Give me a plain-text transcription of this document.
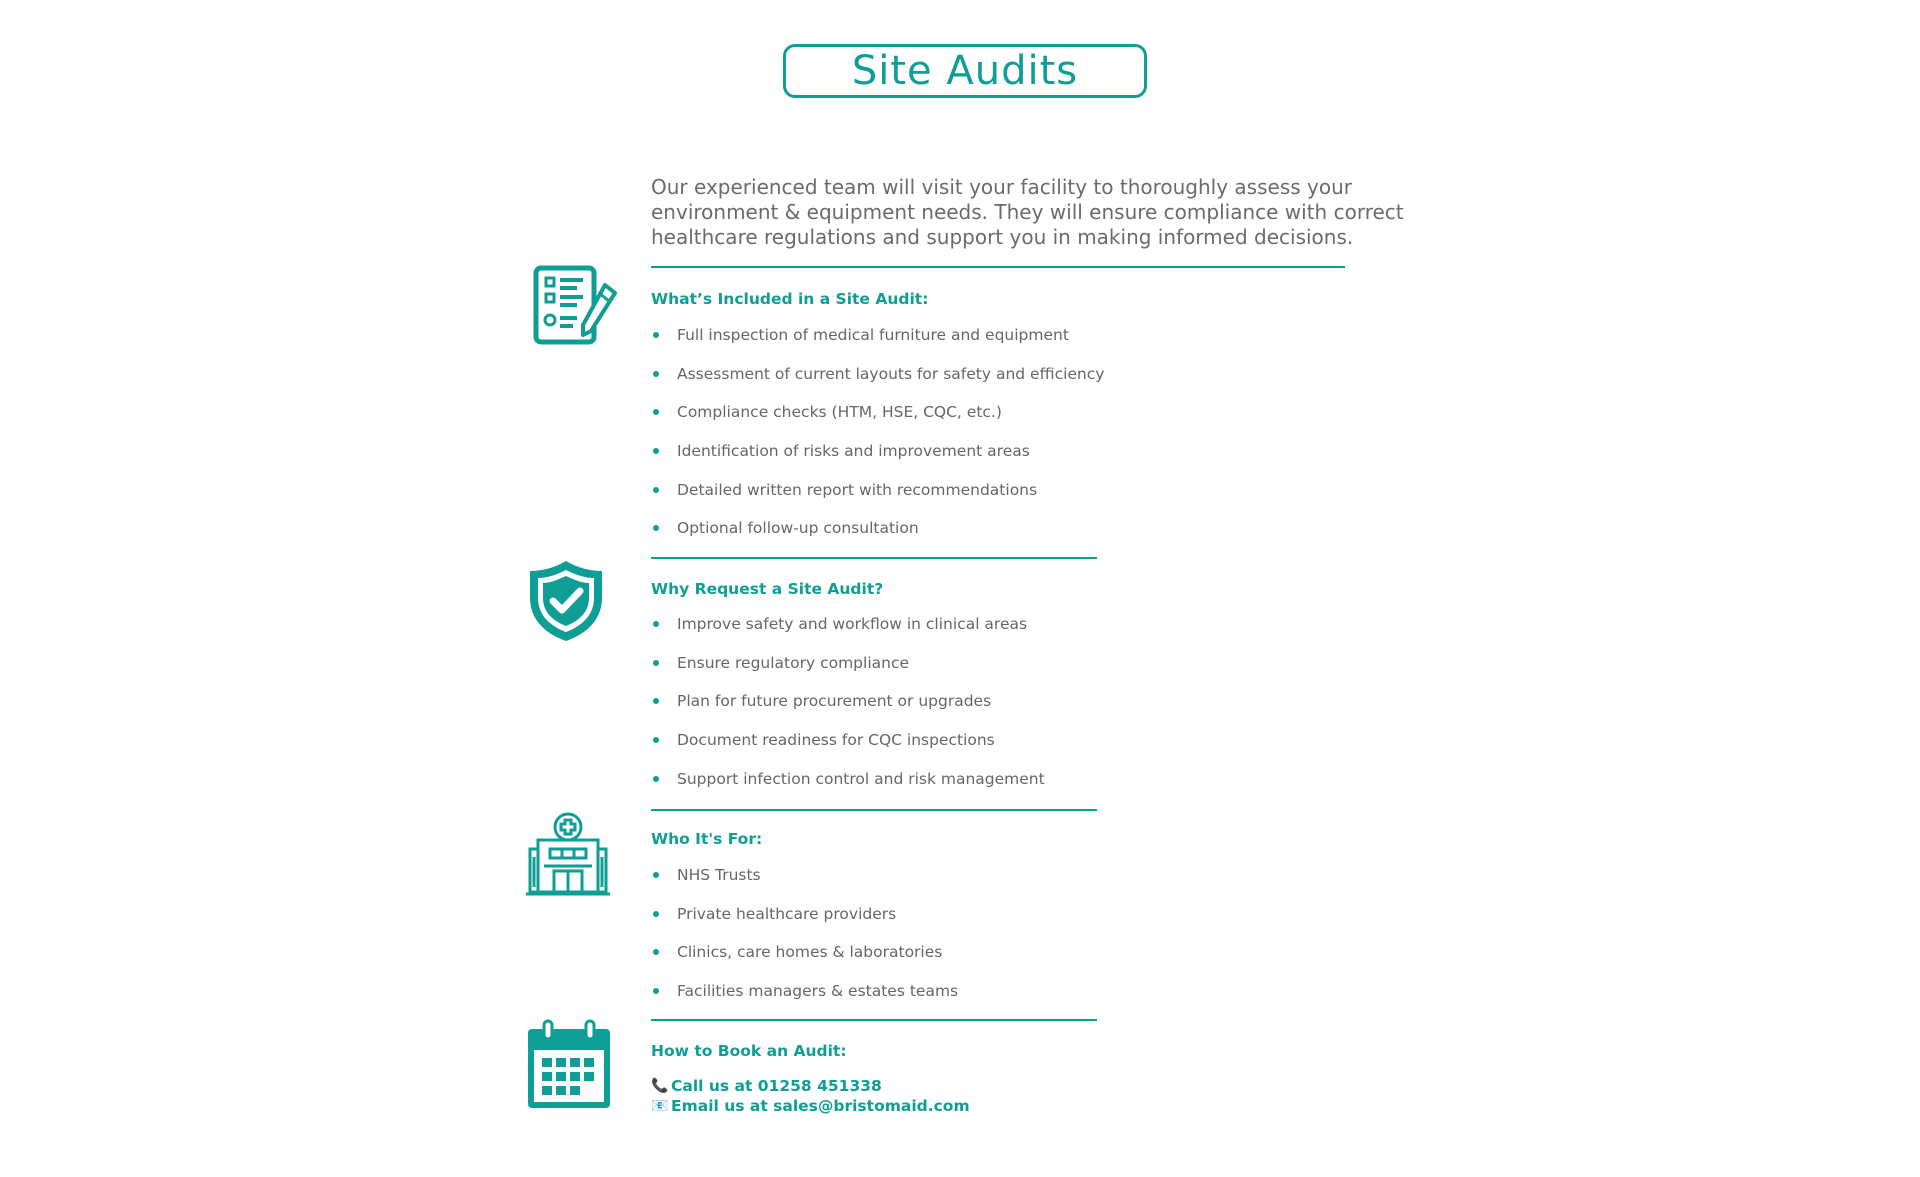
Site Audits

Our experienced team will visit your facility to thoroughly assess your environment & equipment needs. They will ensure compliance with correct healthcare regulations and support you in making informed decisions.

What’s Included in a Site Audit:
Full inspection of medical furniture and equipment
Assessment of current layouts for safety and efficiency
Compliance checks (HTM, HSE, CQC, etc.)
Identification of risks and improvement areas
Detailed written report with recommendations
Optional follow-up consultation
Why Request a Site Audit?
Improve safety and workflow in clinical areas
Ensure regulatory compliance
Plan for future procurement or upgrades
Document readiness for CQC inspections
Support infection control and risk management
Who It's For:
NHS Trusts
Private healthcare providers
Clinics, care homes & laboratories
Facilities managers & estates teams
How to Book an Audit:
📞 Call us at 01258 451338
📧 Email us at sales@bristomaid.com
